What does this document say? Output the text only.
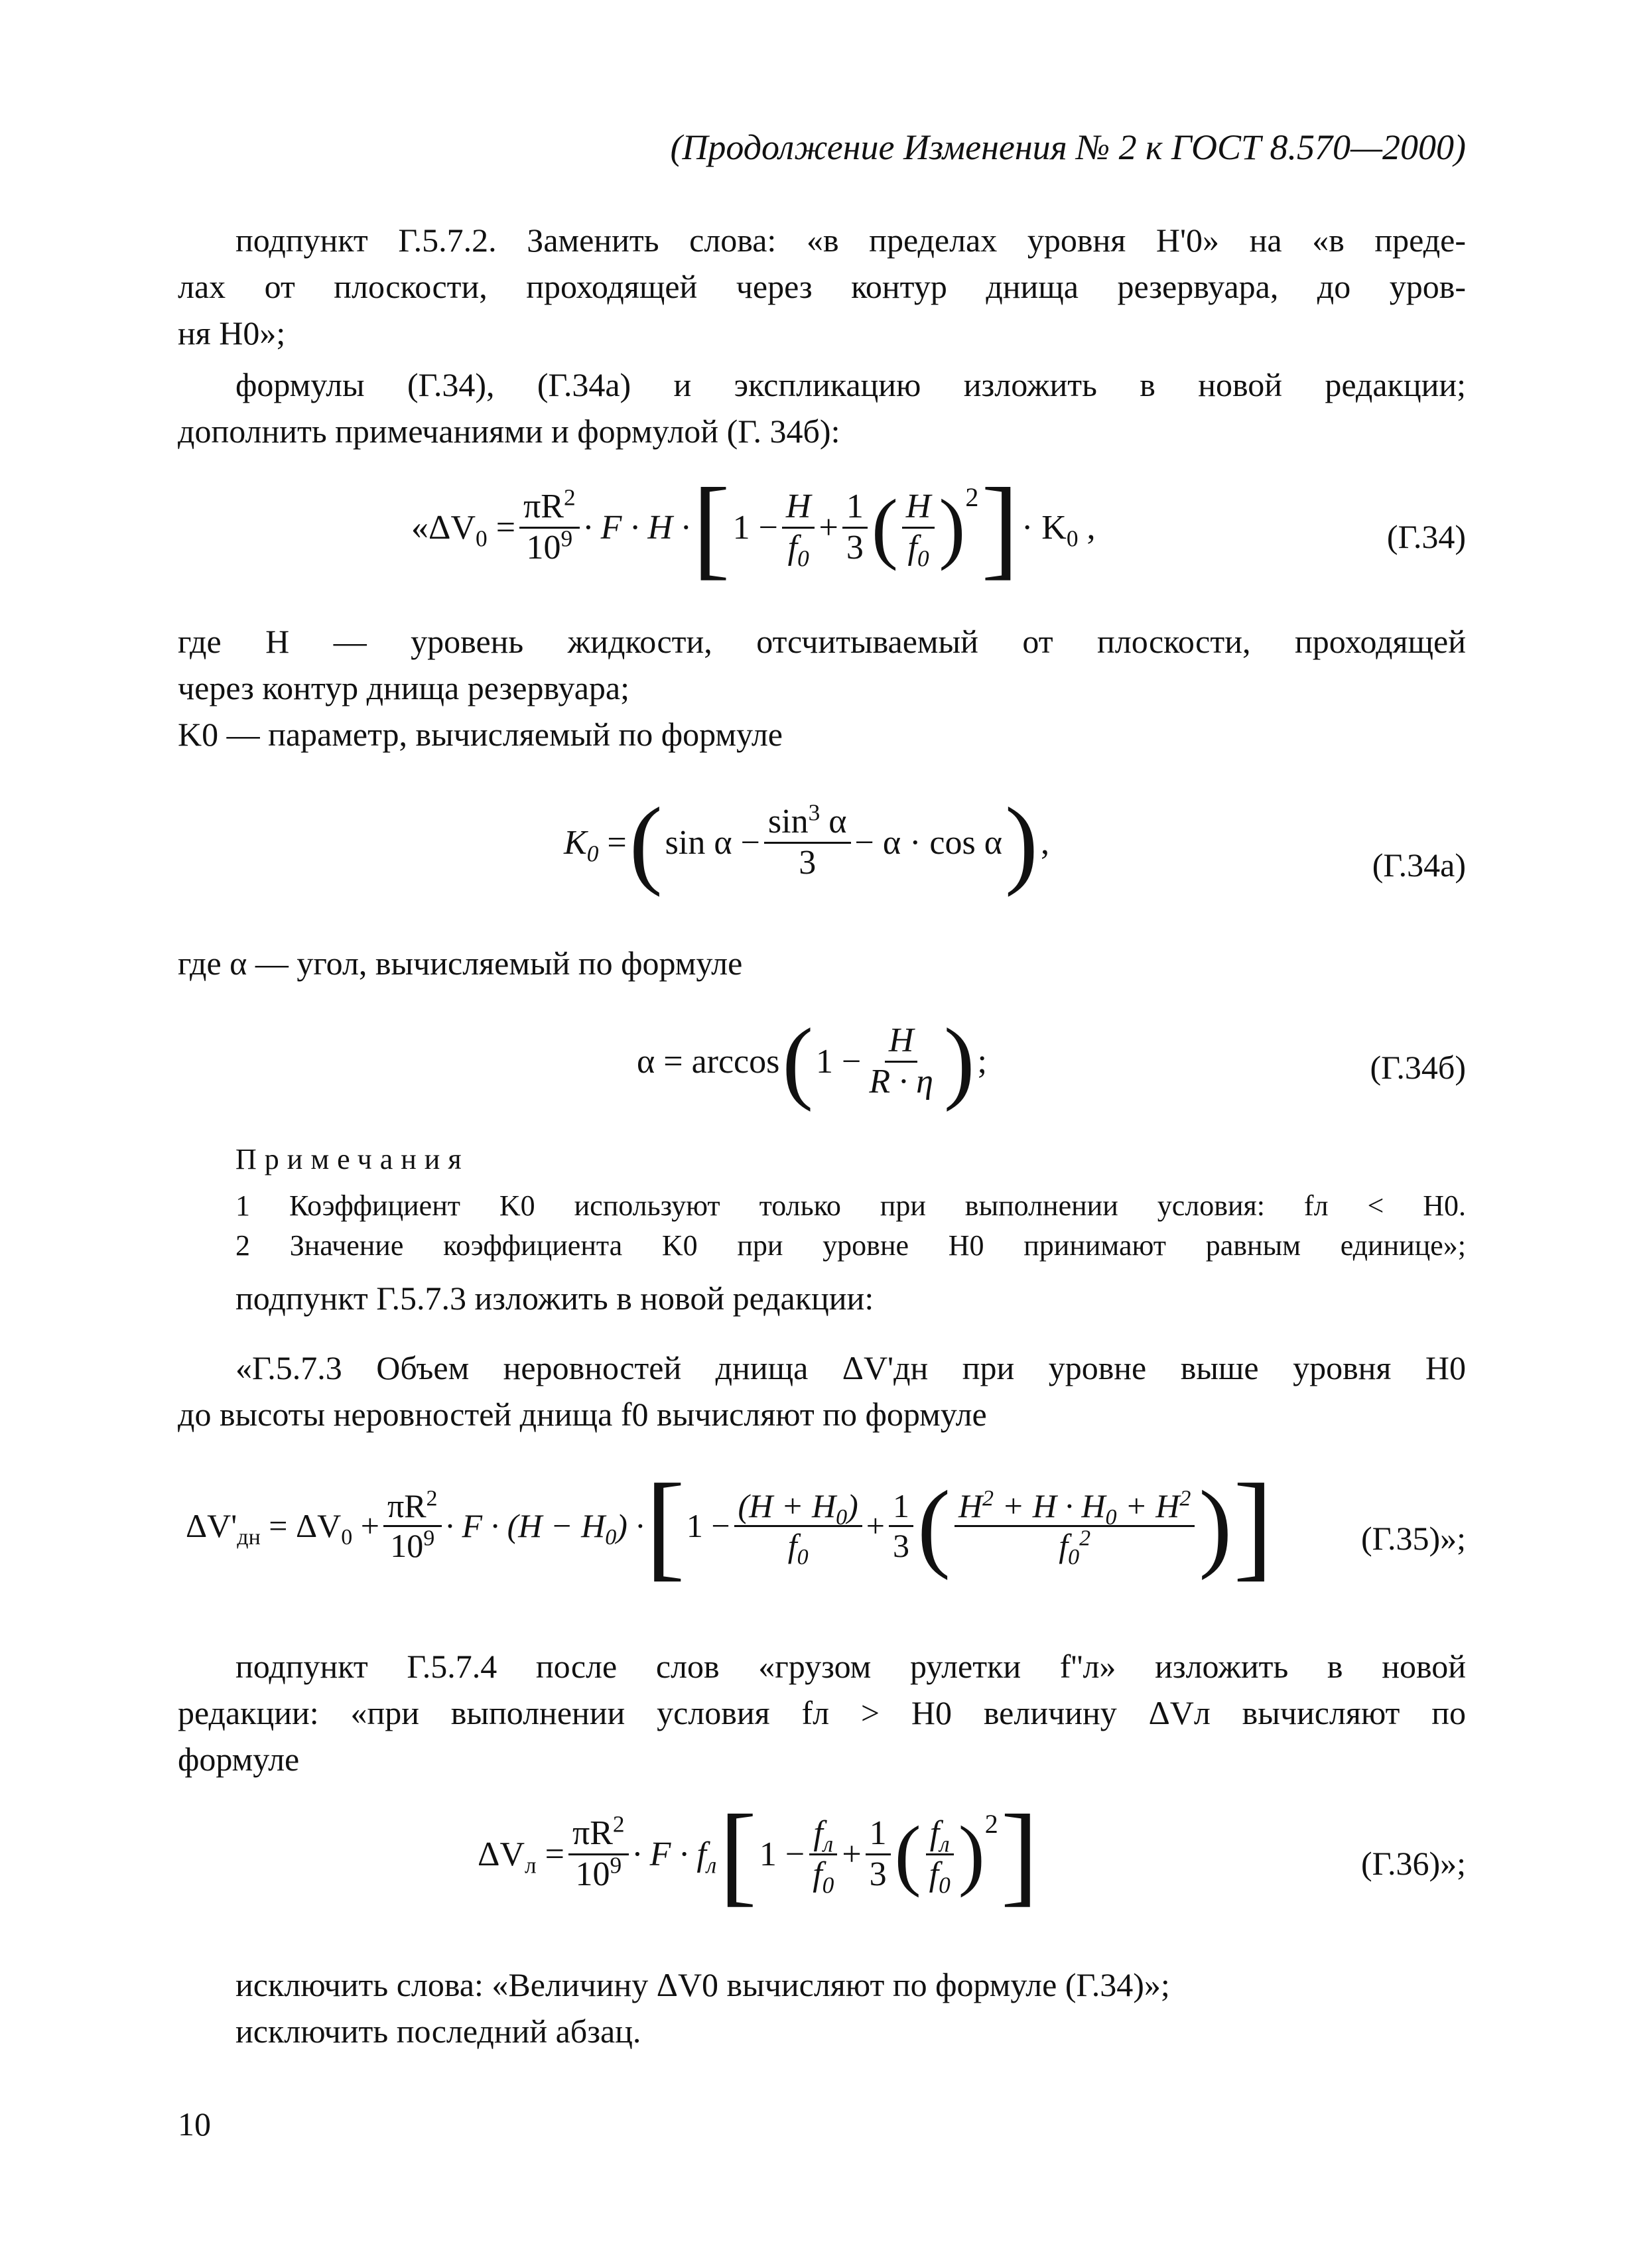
(Продолжение Изменения № 2 к ГОСТ 8.570—2000)
подпункт Г.5.7.2. Заменить слова: «в пределах уровня Н'0» на «в преде-
лах от плоскости, проходящей через контур днища резервуара, до уров-
ня Н0»;
формулы (Г.34), (Г.34а) и экспликацию изложить в новой редакции;
дополнить примечаниями и формулой (Г. 34б):
«$\Delta V_0 = \frac{\pi R^2}{10^9} \cdot F \cdot H$ · [ $1 - \frac{H}{f_0} + \frac{1}{3}$ ( $\frac{H}{f_0} )^2$ ] · $K_0$ ,	(Г.34)
где Н — уровень жидкости, отсчитываемый от плоскости, проходящей
через контур днища резервуара;
K0 — параметр, вычисляемый по формуле
$K_0$ = ( $\sin \alpha - \frac{\sin^3 \alpha}{3} - \alpha \cdot \cos \alpha$ ) ,
(Г.34а)
где α — угол, вычисляемый по формуле
α = arccos ( $1 - \frac{H}{R \cdot \eta}$ ) ;	(Г.34б)
Примечания
1 Коэффициент K0 используют только при выполнении условия: fл < Н0.
2 Значение коэффициента K0 при уровне Н0 принимают равным единице»;
подпункт Г.5.7.3 изложить в новой редакции:
«Г.5.7.3 Объем неровностей днища ΔV'дн при уровне выше уровня Н0
до высоты неровностей днища f0 вычисляют по формуле
$\Delta V'_{дн} = \Delta V_0 + \frac{\pi R^2}{10^9} \cdot F \cdot (H - H_0)$ · [ $1 - \frac{(H + H_0)}{f_0} + \frac{1}{3}$ ( $\frac{H^2 + H \cdot H_0 + H^2}{f_0^2}$ ) ]	(Г.35)»;
подпункт Г.5.7.4 после слов «грузом рулетки f''л» изложить в новой
редакции: «при выполнении условия fл > Н0 величину ΔVл вычисляют по
формуле
$\Delta V_л = \frac{\pi R^2}{10^9} \cdot F \cdot f_л$ [ $1 - \frac{f_л}{f_0} + \frac{1}{3}$ ( $\frac{f_л}{f_0} )^2$ ]	(Г.36)»;
исключить слова: «Величину ΔV0 вычисляют по формуле (Г.34)»;
исключить последний абзац.
10
